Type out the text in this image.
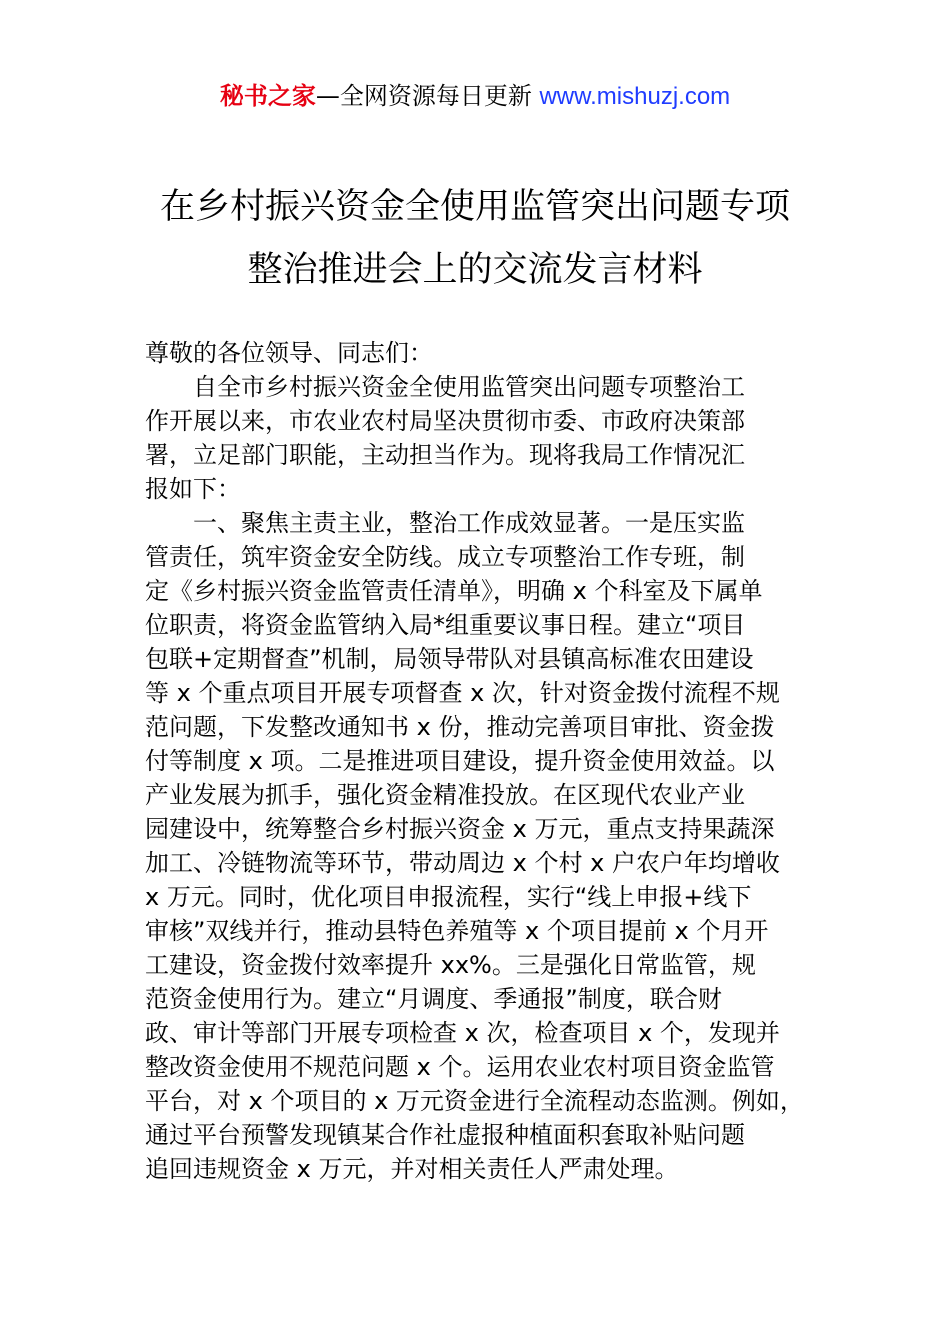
秘书之家—全网资源每日更新 www.mishuzj.com
在乡村振兴资金全使用监管突出问题专项
整治推进会上的交流发言材料
尊敬的各位领导、同志们：
自全市乡村振兴资金全使用监管突出问题专项整治工
作开展以来，市农业农村局坚决贯彻市委、市政府决策部
署，立足部门职能，主动担当作为。现将我局工作情况汇
报如下：
一、聚焦主责主业，整治工作成效显著。一是压实监
管责任，筑牢资金安全防线。成立专项整治工作专班，制
定《乡村振兴资金监管责任清单》，明确 x 个科室及下属单
位职责，将资金监管纳入局*组重要议事日程。建立“项目
包联+定期督查”机制，局领导带队对县镇高标准农田建设
等 x 个重点项目开展专项督查 x 次，针对资金拨付流程不规
范问题，下发整改通知书 x 份，推动完善项目审批、资金拨
付等制度 x 项。二是推进项目建设，提升资金使用效益。以
产业发展为抓手，强化资金精准投放。在区现代农业产业
园建设中，统筹整合乡村振兴资金 x 万元，重点支持果蔬深
加工、冷链物流等环节，带动周边 x 个村 x 户农户年均增收
x 万元。同时，优化项目申报流程，实行“线上申报+线下
审核”双线并行，推动县特色养殖等 x 个项目提前 x 个月开
工建设，资金拨付效率提升 xx%。三是强化日常监管，规
范资金使用行为。建立“月调度、季通报”制度，联合财
政、审计等部门开展专项检查 x 次，检查项目 x 个，发现并
整改资金使用不规范问题 x 个。运用农业农村项目资金监管
平台，对 x 个项目的 x 万元资金进行全流程动态监测。例如，
通过平台预警发现镇某合作社虚报种植面积套取补贴问题
追回违规资金 x 万元，并对相关责任人严肃处理。
